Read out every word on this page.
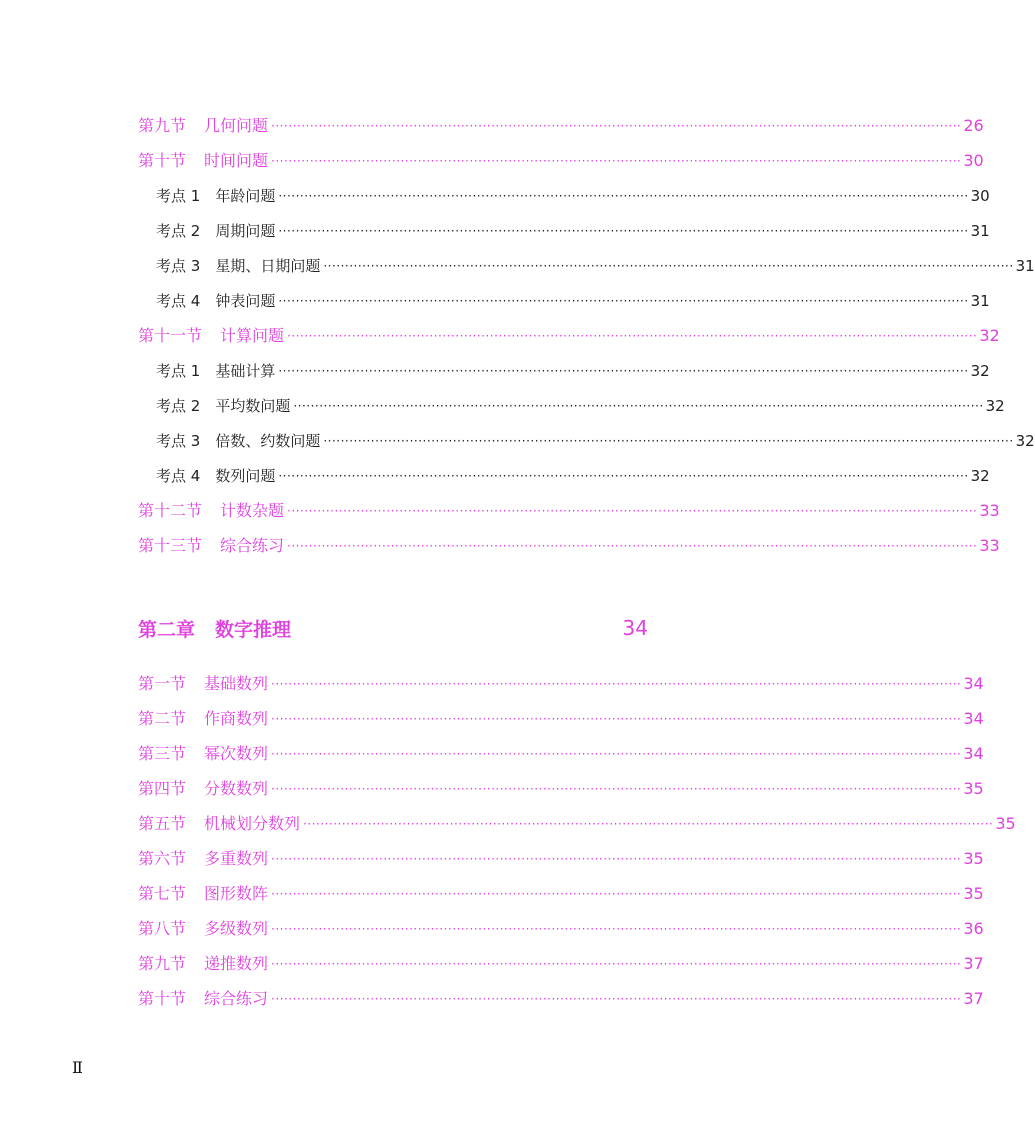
第九节 几何问题 ································································································································································ 26
第十节 时间问题 ································································································································································ 30
考点 1 年龄问题 ································································································································································ 30
考点 2 周期问题 ································································································································································ 31
考点 3 星期、日期问题 ································································································································································ 31
考点 4 钟表问题 ································································································································································ 31
第十一节 计算问题 ································································································································································ 32
考点 1 基础计算 ································································································································································ 32
考点 2 平均数问题 ································································································································································ 32
考点 3 倍数、约数问题 ································································································································································ 32
考点 4 数列问题 ································································································································································ 32
第十二节 计数杂题 ································································································································································ 33
第十三节 综合练习 ································································································································································ 33
第二章 数字推理	34
第一节 基础数列 ································································································································································ 34
第二节 作商数列 ································································································································································ 34
第三节 幂次数列 ································································································································································ 34
第四节 分数数列 ································································································································································ 35
第五节 机械划分数列 ································································································································································ 35
第六节 多重数列 ································································································································································ 35
第七节 图形数阵 ································································································································································ 35
第八节 多级数列 ································································································································································ 36
第九节 递推数列 ································································································································································ 37
第十节 综合练习 ································································································································································ 37
Ⅱ
